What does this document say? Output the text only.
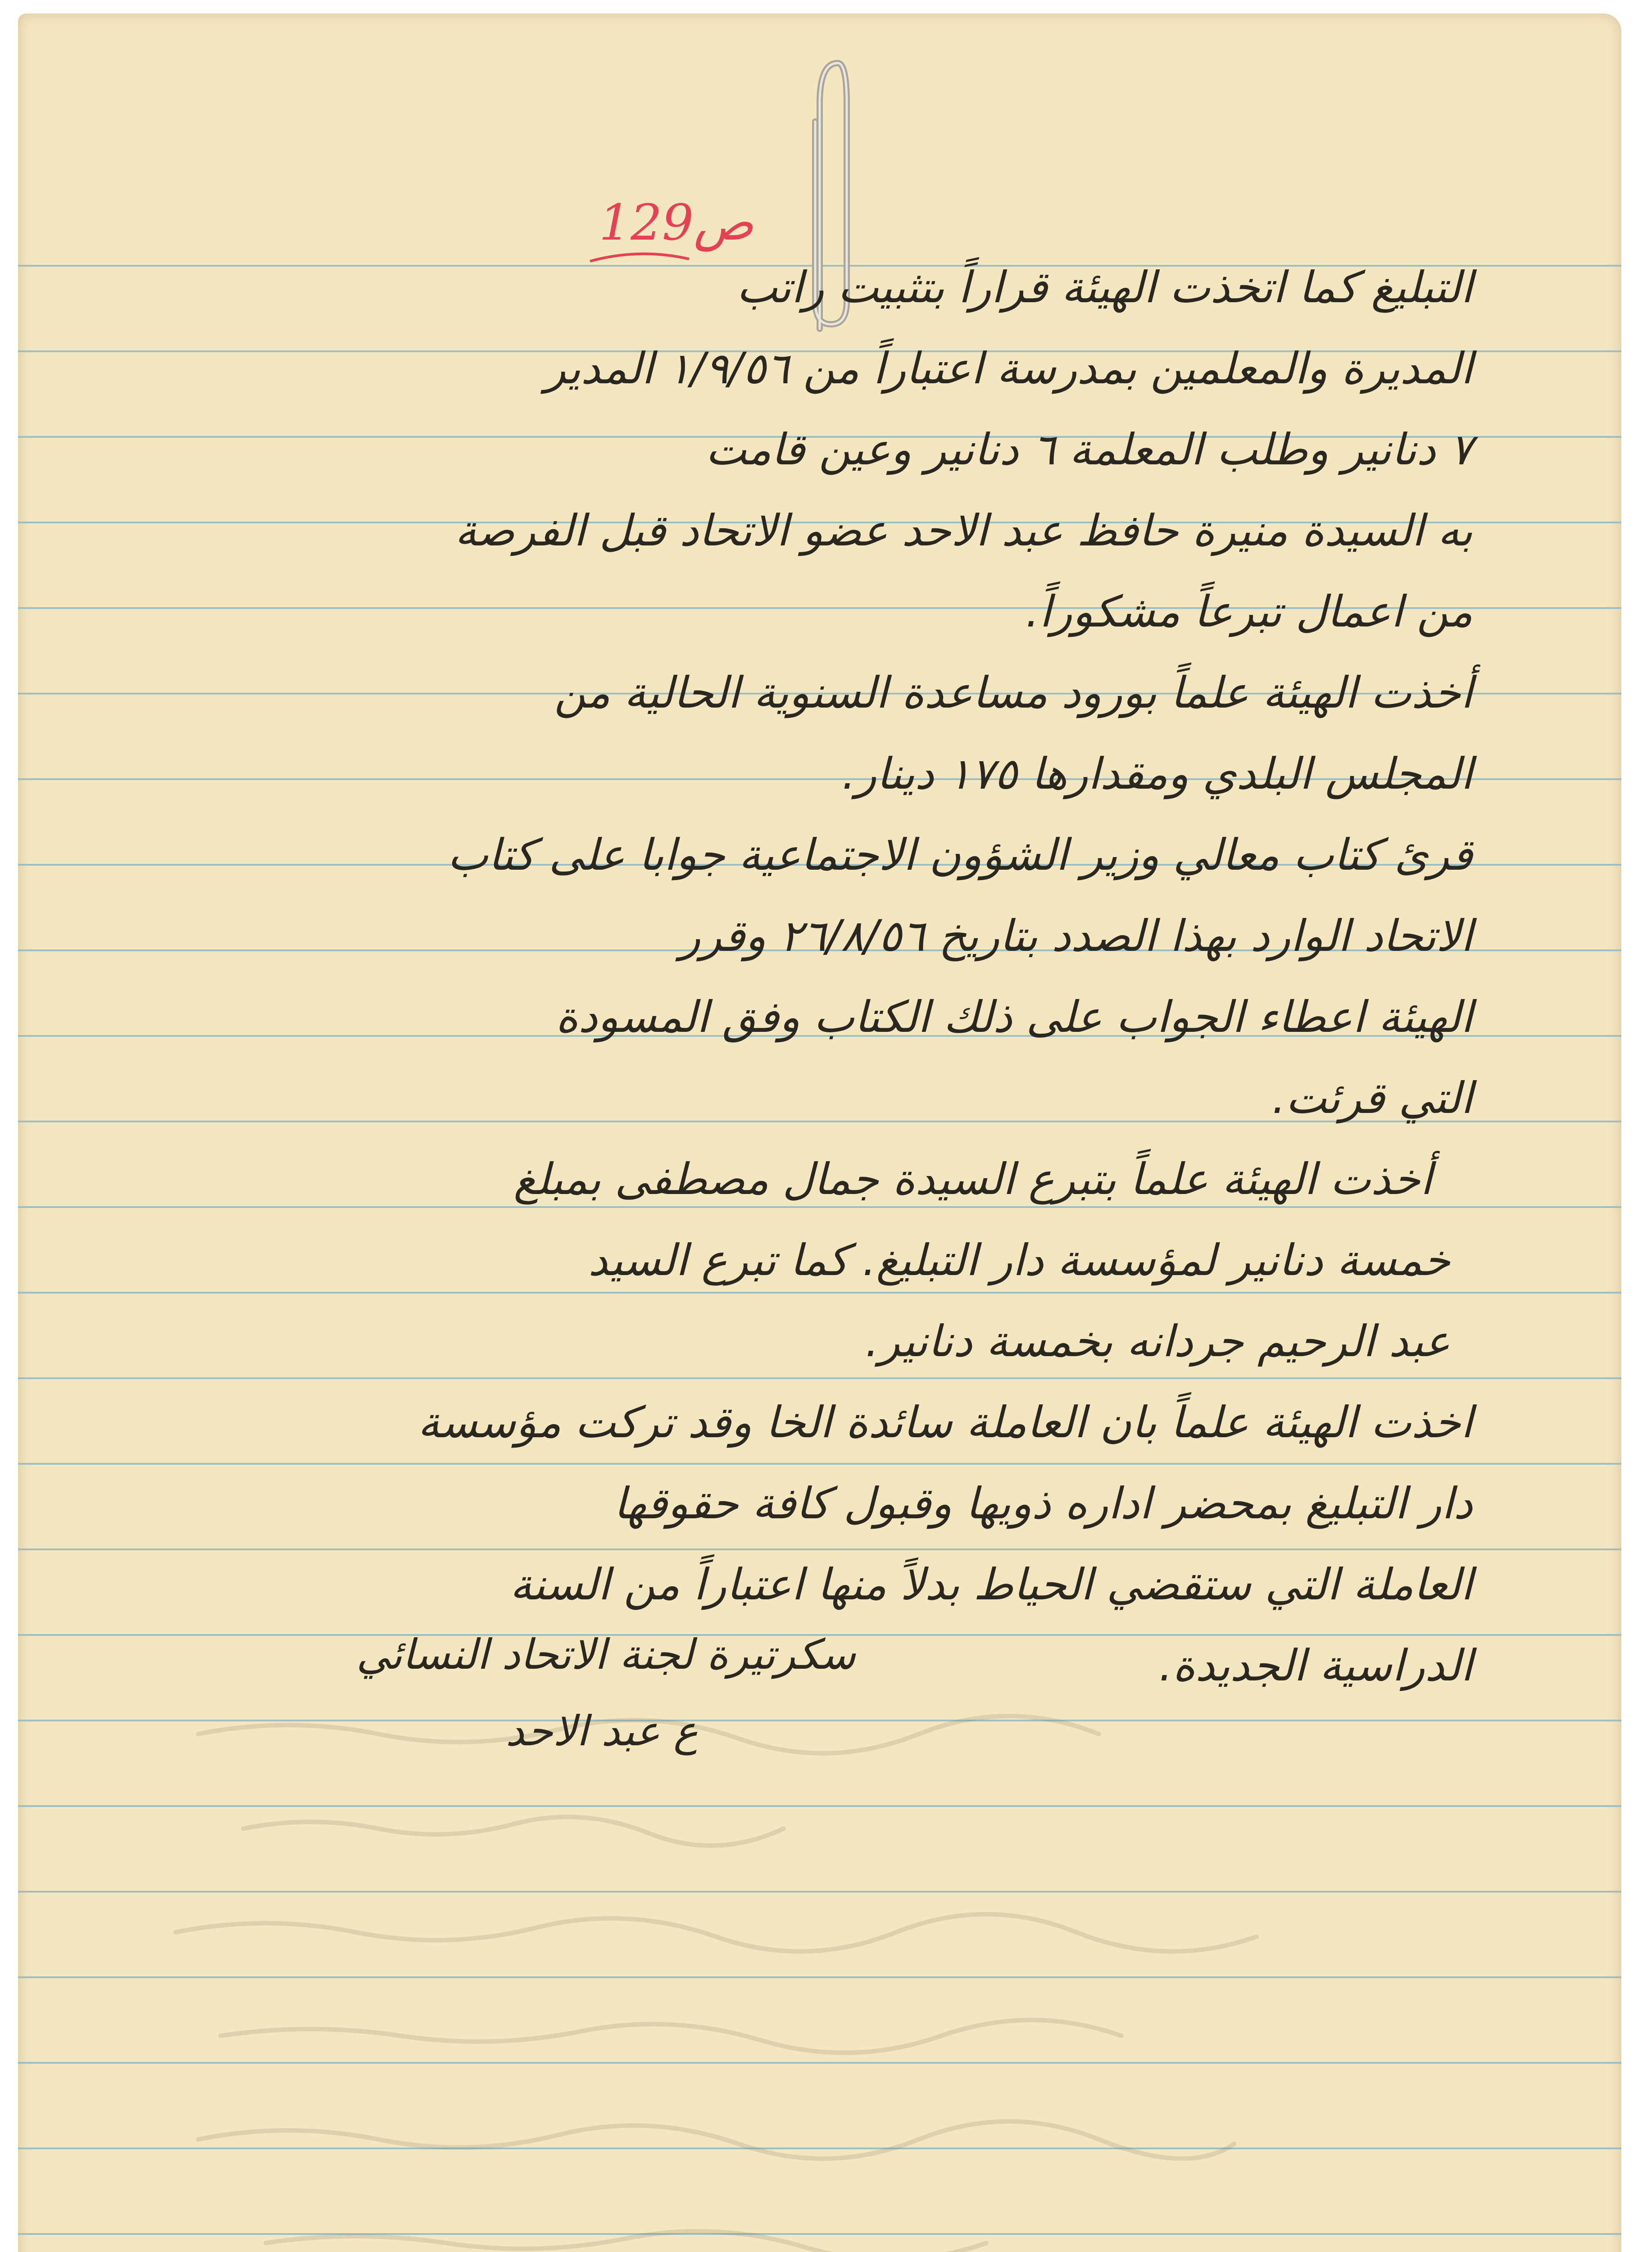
ص129
التبليغ كما اتخذت الهيئة قراراً بتثبيت راتب
المديرة والمعلمين بمدرسة اعتباراً من ١/٩/٥٦ المدير
٧ دنانير وطلب المعلمة ٦ دنانير وعين قامت
به السيدة منيرة حافظ عبد الاحد عضو الاتحاد قبل الفرصة
من اعمال تبرعاً مشكوراً.
أخذت الهيئة علماً بورود مساعدة السنوية الحالية من
المجلس البلدي ومقدارها ١٧٥ دينار.
قرئ كتاب معالي وزير الشؤون الاجتماعية جوابا على كتاب
الاتحاد الوارد بهذا الصدد بتاريخ ٢٦/٨/٥٦ وقرر
الهيئة اعطاء الجواب على ذلك الكتاب وفق المسودة
التي قرئت.
أخذت الهيئة علماً بتبرع السيدة جمال مصطفى بمبلغ
خمسة دنانير لمؤسسة دار التبليغ. كما تبرع السيد
عبد الرحيم جردانه بخمسة دنانير.
اخذت الهيئة علماً بان العاملة سائدة الخا وقد تركت مؤسسة
دار التبليغ بمحضر اداره ذويها وقبول كافة حقوقها
العاملة التي ستقضي الحياط بدلاً منها اعتباراً من السنة
الدراسية الجديدة.
سكرتيرة لجنة الاتحاد النسائي
ع عبد الاحد
